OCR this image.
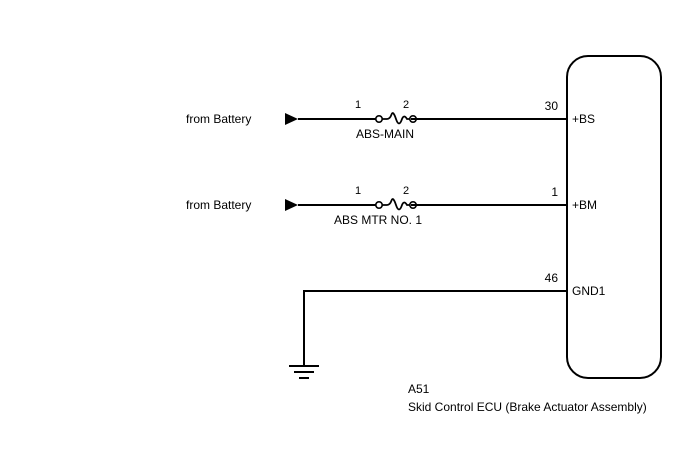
from Battery
1	2
ABS-MAIN
30
+BS
from Battery
1	2
ABS MTR NO. 1
1
+BM
46
GND1
A51
Skid Control ECU (Brake Actuator Assembly)
